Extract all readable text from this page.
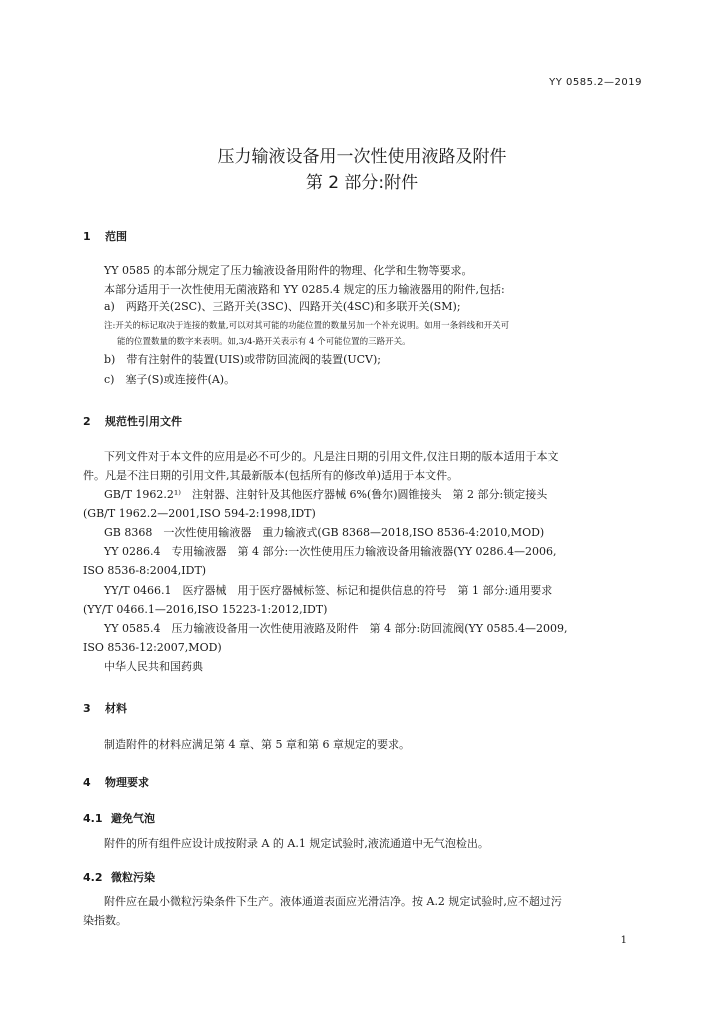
YY 0585.2—2019
压力输液设备用一次性使用液路及附件
第 2 部分:附件
1 范围
YY 0585 的本部分规定了压力输液设备用附件的物理、化学和生物等要求。
本部分适用于一次性使用无菌液路和 YY 0285.4 规定的压力输液器用的附件,包括:
a)　两路开关(2SC)、三路开关(3SC)、四路开关(4SC)和多联开关(SM);
注:开关的标记取决于连接的数量,可以对其可能的功能位置的数量另加一个补充说明。如用一条斜线和开关可
能的位置数量的数字来表明。如,3/4-路开关表示有 4 个可能位置的三路开关。
b)　带有注射件的装置(UIS)或带防回流阀的装置(UCV);
c)　塞子(S)或连接件(A)。
2 规范性引用文件
下列文件对于本文件的应用是必不可少的。凡是注日期的引用文件,仅注日期的版本适用于本文
件。凡是不注日期的引用文件,其最新版本(包括所有的修改单)适用于本文件。
GB/T 1962.2¹⁾　注射器、注射针及其他医疗器械 6%(鲁尔)圆锥接头　第 2 部分:锁定接头
(GB/T 1962.2—2001,ISO 594-2:1998,IDT)
GB 8368　一次性使用输液器　重力输液式(GB 8368—2018,ISO 8536-4:2010,MOD)
YY 0286.4　专用输液器　第 4 部分:一次性使用压力输液设备用输液器(YY 0286.4—2006,
ISO 8536-8:2004,IDT)
YY/T 0466.1　医疗器械　用于医疗器械标签、标记和提供信息的符号　第 1 部分:通用要求
(YY/T 0466.1—2016,ISO 15223-1:2012,IDT)
YY 0585.4　压力输液设备用一次性使用液路及附件　第 4 部分:防回流阀(YY 0585.4—2009,
ISO 8536-12:2007,MOD)
中华人民共和国药典
3 材料
制造附件的材料应满足第 4 章、第 5 章和第 6 章规定的要求。
4 物理要求
4.1 避免气泡
附件的所有组件应设计成按附录 A 的 A.1 规定试验时,液流通道中无气泡检出。
4.2 微粒污染
附件应在最小微粒污染条件下生产。液体通道表面应光滑洁净。按 A.2 规定试验时,应不超过污
染指数。
1
